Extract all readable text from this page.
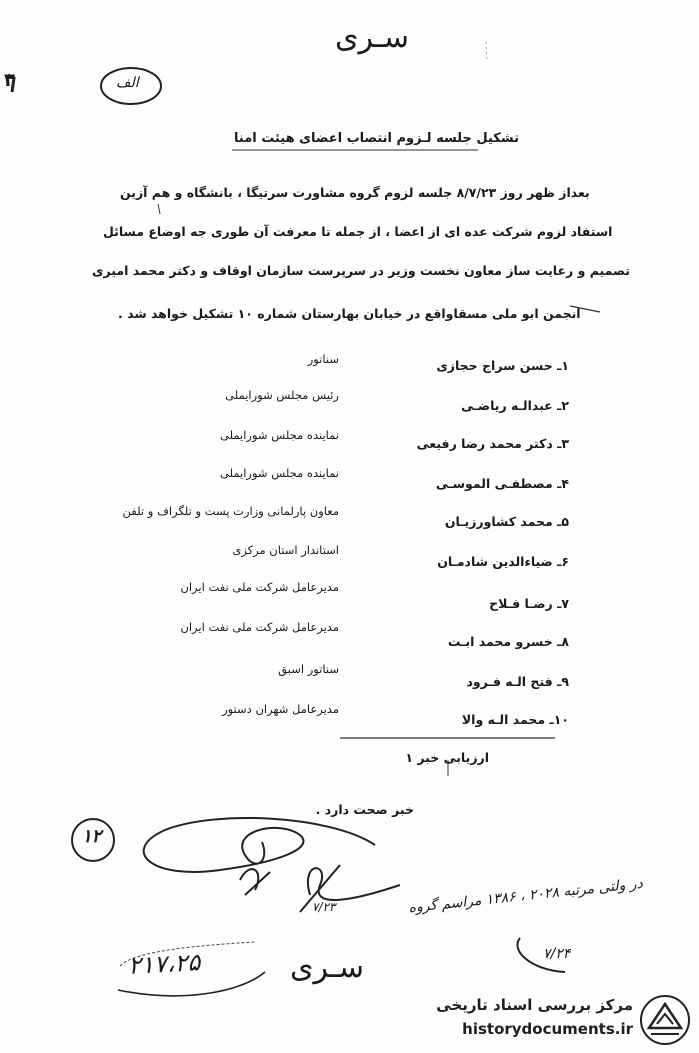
سـری
الف
۲
تشکیل جلسه لـزوم انتصاب اعضای هیئت امنا
بعداز ظهر روز ۸/۷/۲۳ جلسه لزوم گروه مشاورت سرتیگا ، بانشگاه و هم آزین
استفاد لزوم شرکت عده ای از اعضا ، از جمله تا معرفت آن طوری جه اوضاع مسائل
تصمیم و رعایت ساز معاون نخست وزیر در سرپرست سازمان اوقاف و دکتر محمد امیری
انجمن ابو ملی مسقاواقع در خیابان بهارستان شماره ۱۰ تشکیل خواهد شد .
۱ـ حسن سراج حجازی
سناتور
۲ـ عبدالـه ریاضـی
رئیس مجلس شورایملی
۳ـ دکتر محمد رضا رفیعی
نماینده مجلس شورایملی
۴ـ مصطفـی الموسـی
نماینده مجلس شورایملی
۵ـ محمد کشاورزیـان
معاون پارلمانی وزارت پست و تلگراف و تلفن
۶ـ ضیاءالدین شادمـان
استاندار استان مرکزی
۷ـ رضـا فـلاح
مدیرعامل شرکت ملی نفت ایران
۸ـ خسرو محمد ابـت
مدیرعامل شرکت ملی نفت ایران
۹ـ فتح الـه فـرود
سناتور اسبق
۱۰ـ محمد الـه والا
مدیرعامل شهران دستور
ارزیابی خبر ۱
خبر صحت دارد .
۱۲
۷/۲۳	در ولتی مرتبه ۲۰۲۸ ، ۱۳۸۶ مراسم گروه
۷/۲۴
۲۱۷،۲۵	سـری
مرکز بررسی اسناد تاریخی
historydocuments.ir
